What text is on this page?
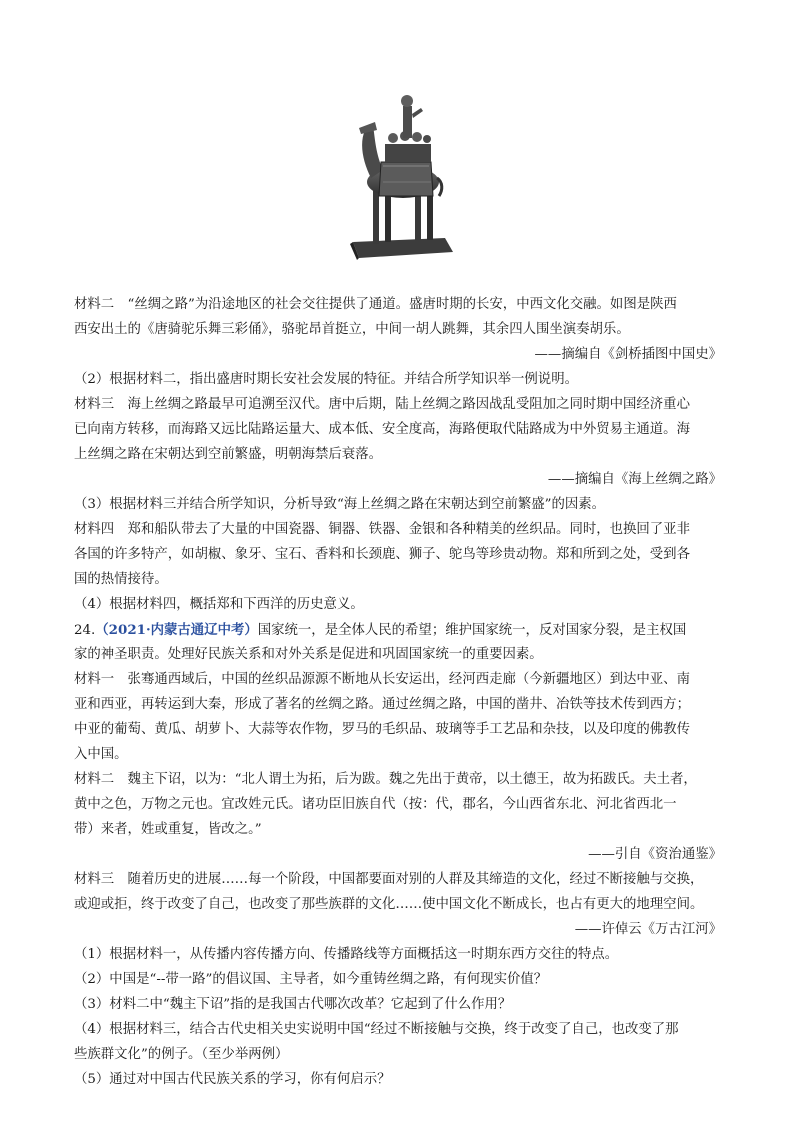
材料二　“丝绸之路”为沿途地区的社会交往提供了通道。盛唐时期的长安，中西文化交融。如图是陕西
西安出土的《唐骑驼乐舞三彩俑》，骆驼昂首挺立，中间一胡人跳舞，其余四人围坐演奏胡乐。
——摘编自《剑桥插图中国史》
（2）根据材料二，指出盛唐时期长安社会发展的特征。并结合所学知识举一例说明。
材料三　海上丝绸之路最早可追溯至汉代。唐中后期，陆上丝绸之路因战乱受阻加之同时期中国经济重心
已向南方转移，而海路又远比陆路运量大、成本低、安全度高，海路便取代陆路成为中外贸易主通道。海
上丝绸之路在宋朝达到空前繁盛，明朝海禁后衰落。
——摘编自《海上丝绸之路》
（3）根据材料三并结合所学知识，分析导致“海上丝绸之路在宋朝达到空前繁盛”的因素。
材料四　郑和船队带去了大量的中国瓷器、铜器、铁器、金银和各种精美的丝织品。同时，也换回了亚非
各国的许多特产，如胡椒、象牙、宝石、香料和长颈鹿、狮子、鸵鸟等珍贵动物。郑和所到之处，受到各
国的热情接待。
（4）根据材料四，概括郑和下西洋的历史意义。
24.（2021·内蒙古通辽中考）国家统一，是全体人民的希望；维护国家统一，反对国家分裂，是主权国
家的神圣职责。处理好民族关系和对外关系是促进和巩固国家统一的重要因素。
材料一　张骞通西域后，中国的丝织品源源不断地从长安运出，经河西走廊（今新疆地区）到达中亚、南
亚和西亚，再转运到大秦，形成了著名的丝绸之路。通过丝绸之路，中国的凿井、冶铁等技术传到西方；
中亚的葡萄、黄瓜、胡萝卜、大蒜等农作物，罗马的毛织品、玻璃等手工艺品和杂技，以及印度的佛教传
入中国。
材料二　魏主下诏，以为：“北人谓土为拓，后为跋。魏之先出于黄帝，以土德王，故为拓跋氏。夫土者，
黄中之色，万物之元也。宜改姓元氏。诸功臣旧族自代（按：代，郡名，今山西省东北、河北省西北一
带）来者，姓或重复，皆改之。”
——引自《资治通鉴》
材料三　随着历史的进展……每一个阶段，中国都要面对别的人群及其缔造的文化，经过不断接触与交换，
或迎或拒，终于改变了自己，也改变了那些族群的文化……使中国文化不断成长，也占有更大的地理空间。
——许倬云《万古江河》
（1）根据材料一，从传播内容传播方向、传播路线等方面概括这一时期东西方交往的特点。
（2）中国是“--带一路”的倡议国、主导者，如今重铸丝绸之路，有何现实价值？
（3）材料二中“魏主下诏”指的是我国古代哪次改革？它起到了什么作用？
（4）根据材料三，结合古代史相关史实说明中国“经过不断接触与交换，终于改变了自己，也改变了那
些族群文化”的例子。（至少举两例）
（5）通过对中国古代民族关系的学习，你有何启示？
